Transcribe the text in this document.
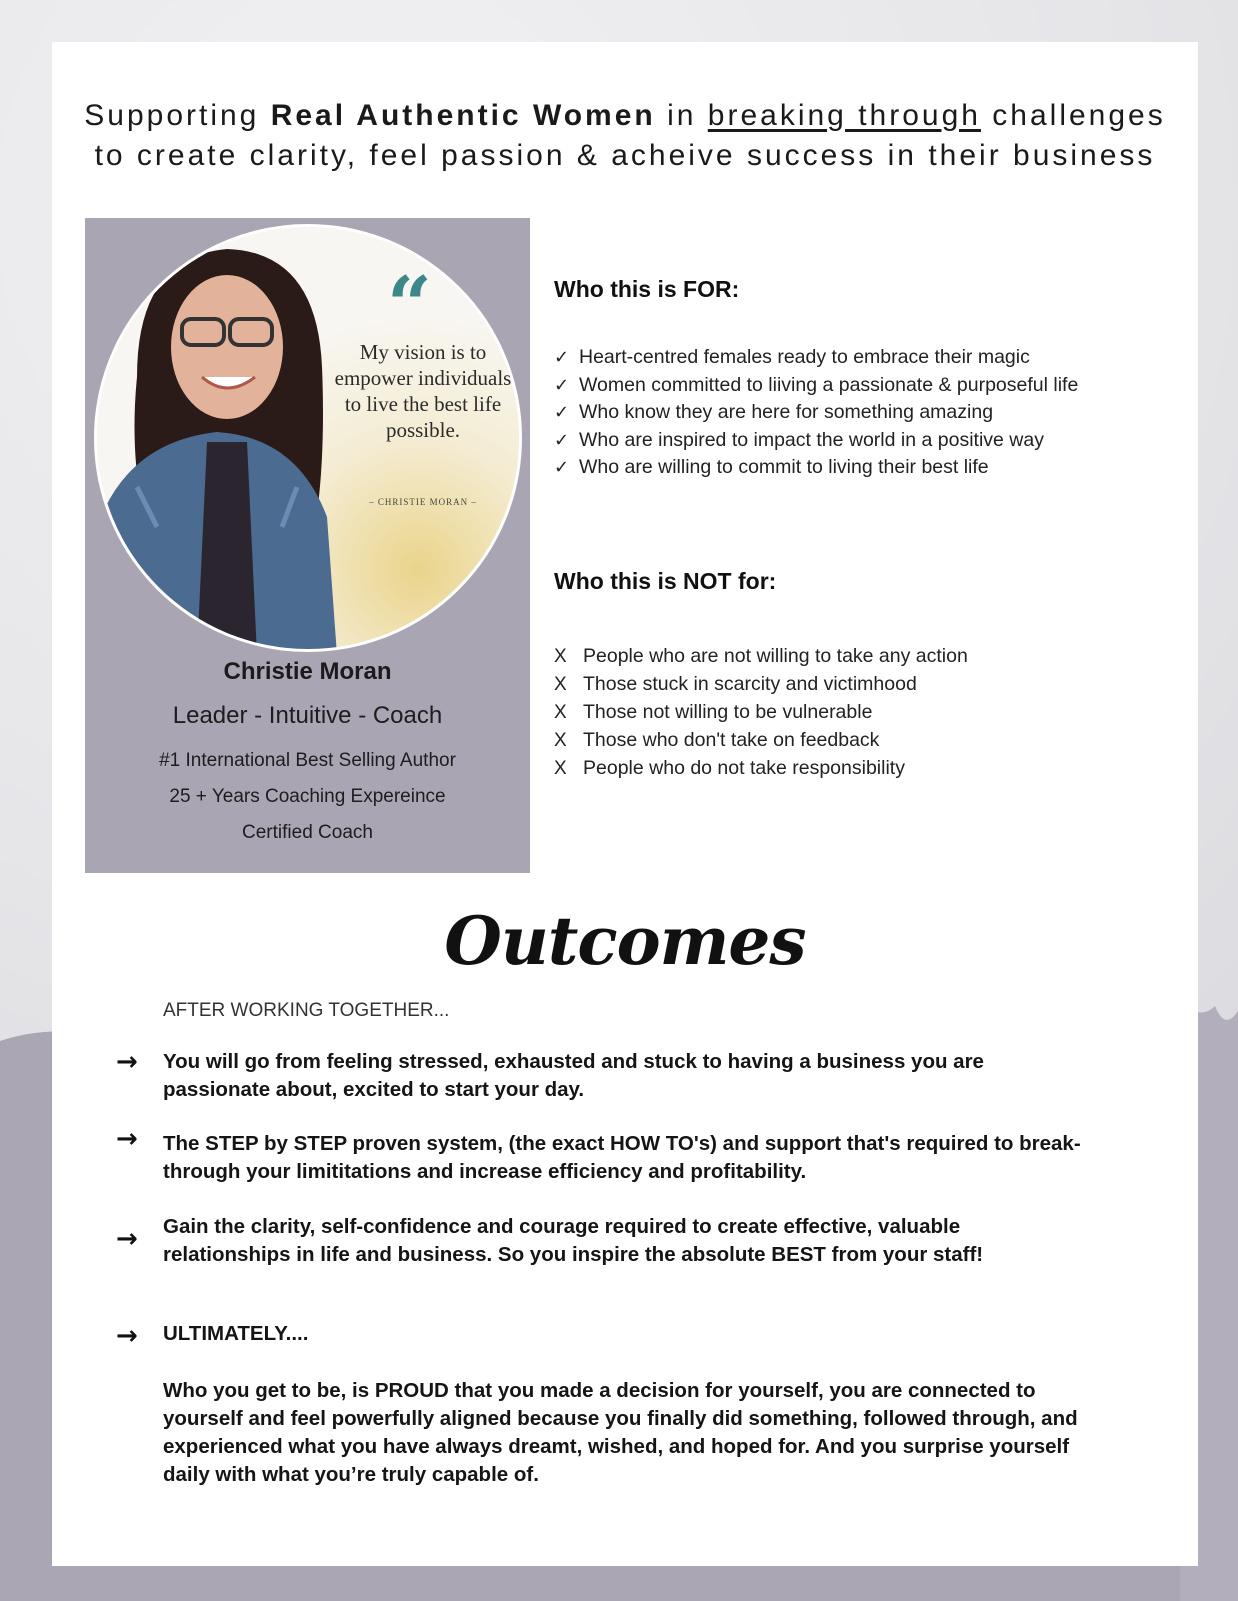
Supporting Real Authentic Women in breaking through challenges
to create clarity, feel passion & acheive success in their business
“
My vision is to empower individuals to live the best life possible.
– CHRISTIE MORAN –
Christie Moran
Leader - Intuitive - Coach
#1 International Best Selling Author
25 + Years Coaching Expereince
Certified Coach
Who this is FOR:
✓ Heart-centred females ready to embrace their magic
✓ Women committed to liiving a passionate & purposeful life
✓ Who know they are here for something amazing
✓ Who are inspired to impact the world in a positive way
✓ Who are willing to commit to living their best life
Who this is NOT for:
X People who are not willing to take any action
X Those stuck in scarcity and victimhood
X Those not willing to be vulnerable
X Those who don't take on feedback
X People who do not take responsibility
Outcomes
AFTER WORKING TOGETHER...
→ You will go from feeling stressed, exhausted and stuck to having a business you are passionate about, excited to start your day.
→ The STEP by STEP proven system, (the exact HOW TO's) and support that's required to break-through your limititations and increase efficiency and profitability.
→ Gain the clarity, self-confidence and courage required to create effective, valuable relationships in life and business. So you inspire the absolute BEST from your staff!
→ ULTIMATELY....
Who you get to be, is PROUD that you made a decision for yourself, you are connected to yourself and feel powerfully aligned because you finally did something, followed through, and experienced what you have always dreamt, wished, and hoped for. And you surprise yourself daily with what you’re truly capable of.
